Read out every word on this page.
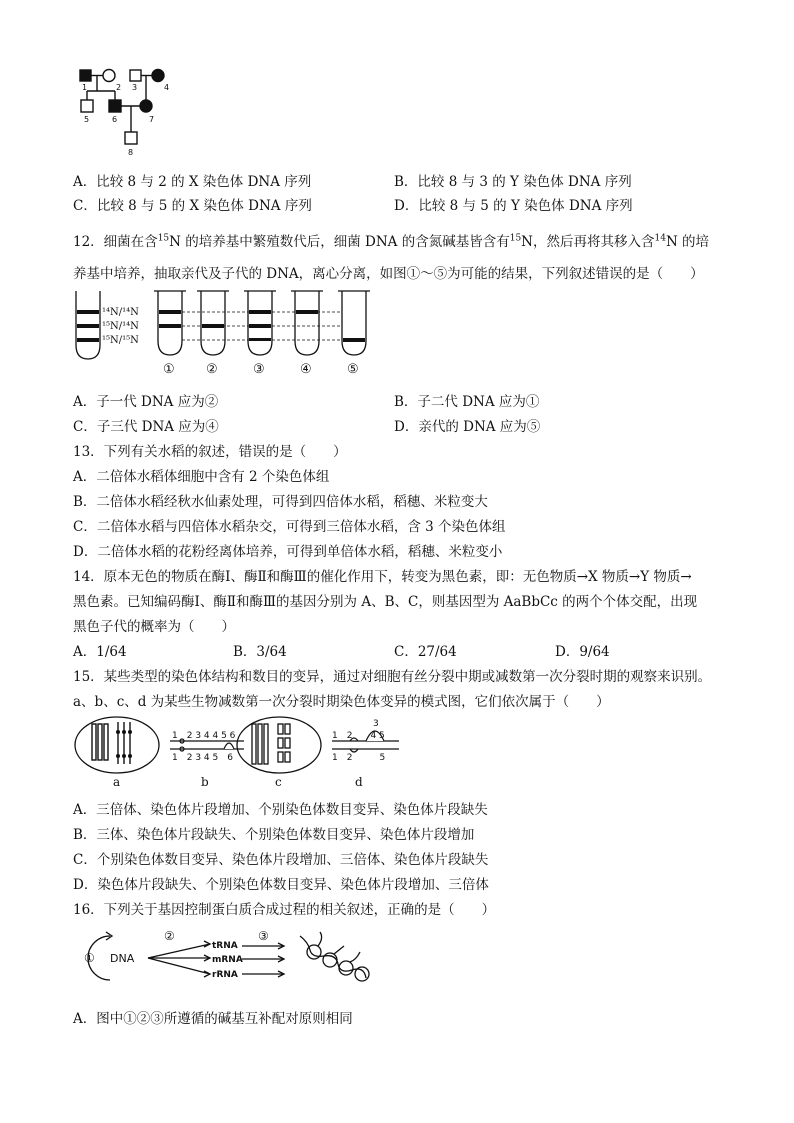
1	2 3	4
5	6	7
8
A．比较 8 与 2 的 X 染色体 DNA 序列	B．比较 8 与 3 的 Y 染色体 DNA 序列
C．比较 8 与 5 的 X 染色体 DNA 序列	D．比较 8 与 5 的 Y 染色体 DNA 序列
12．细菌在含$^{15}$N 的培养基中繁殖数代后，细菌 DNA 的含氮碱基皆含有$^{15}$N，然后再将其移入含$^{14}$N 的培
养基中培养，抽取亲代及子代的 DNA，离心分离，如图①～⑤为可能的结果，下列叙述错误的是（　　）
¹⁴N/¹⁴N
¹⁵N/¹⁴N
¹⁵N/¹⁵N
① ②	③	④	⑤
A．子一代 DNA 应为②	B．子二代 DNA 应为①
C．子三代 DNA 应为④	D．亲代的 DNA 应为⑤
13．下列有关水稻的叙述，错误的是（　　）
A．二倍体水稻体细胞中含有 2 个染色体组
B．二倍体水稻经秋水仙素处理，可得到四倍体水稻，稻穗、米粒变大
C．二倍体水稻与四倍体水稻杂交，可得到三倍体水稻，含 3 个染色体组
D．二倍体水稻的花粉经离体培养，可得到单倍体水稻，稻穗、米粒变小
14．原本无色的物质在酶Ⅰ、酶Ⅱ和酶Ⅲ的催化作用下，转变为黑色素，即：无色物质→X 物质→Y 物质→
黑色素。已知编码酶Ⅰ、酶Ⅱ和酶Ⅲ的基因分别为 A、B、C，则基因型为 AaBbCc 的两个个体交配，出现
黑色子代的概率为（　　）
A．1/64	B．3/64	C．27/64	D．9/64
15．某些类型的染色体结构和数目的变异，通过对细胞有丝分裂中期或减数第一次分裂时期的观察来识别。
a、b、c、d 为某些生物减数第一次分裂时期染色体变异的模式图，它们依次属于（　　）
1　2 3 4 4 5 6
1　2 3 4 5　6
3
1　2　　4 5
1　2　　　5
a	b	c	d
A．三倍体、染色体片段增加、个别染色体数目变异、染色体片段缺失
B．三体、染色体片段缺失、个别染色体数目变异、染色体片段增加
C．个别染色体数目变异、染色体片段增加、三倍体、染色体片段缺失
D．染色体片段缺失、个别染色体数目变异、染色体片段增加、三倍体
16．下列关于基因控制蛋白质合成过程的相关叙述，正确的是（　　）
① DNA
②	③
tRNA
mRNA
rRNA
A．图中①②③所遵循的碱基互补配对原则相同
